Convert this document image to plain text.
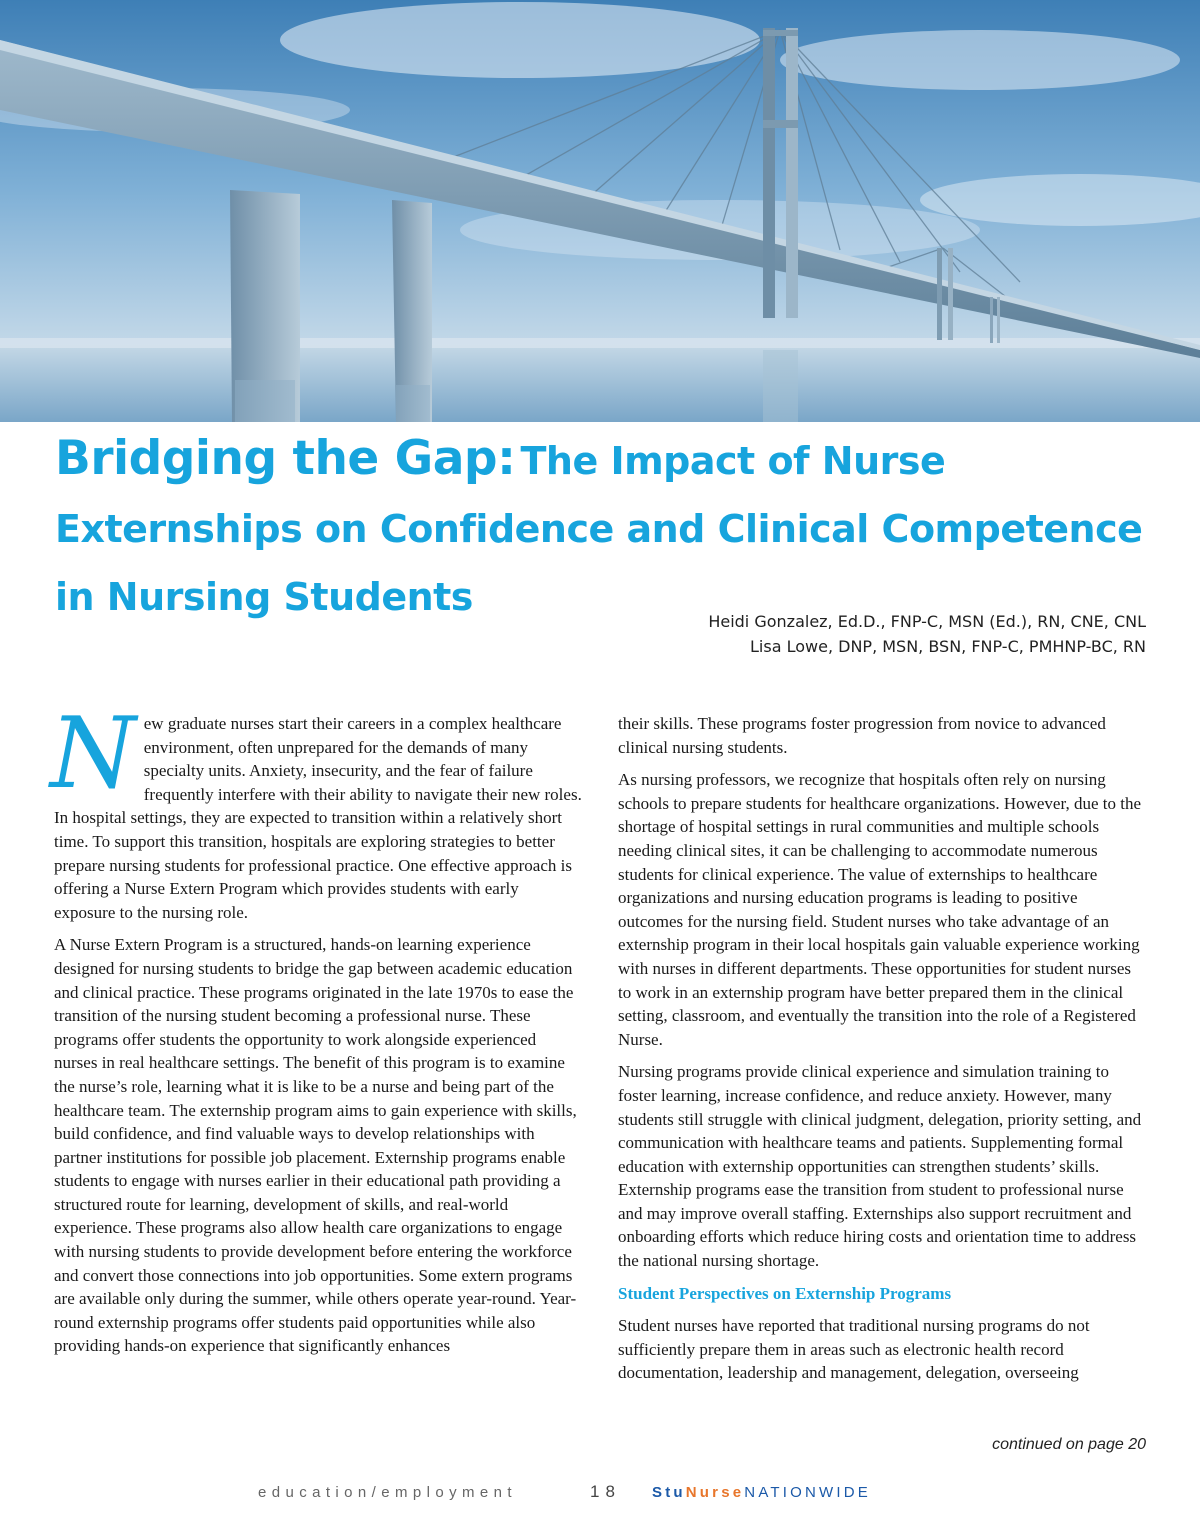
Bridging the Gap: The Impact of Nurse Externships on Confidence and Clinical Competence in Nursing Students
Heidi Gonzalez, Ed.D., FNP-C, MSN (Ed.), RN, CNE, CNL
Lisa Lowe, DNP, MSN, BSN, FNP-C, PMHNP-BC, RN

New graduate nurses start their careers in a complex healthcare environment, often unprepared for the demands of many specialty units. Anxiety, insecurity, and the fear of failure frequently interfere with their ability to navigate their new roles. In hospital settings, they are expected to transition within a relatively short time. To support this transition, hospitals are exploring strategies to better prepare nursing students for professional practice. One effective approach is offering a Nurse Extern Program which provides students with early exposure to the nursing role.

A Nurse Extern Program is a structured, hands-on learning experience designed for nursing students to bridge the gap between academic education and clinical practice. These programs originated in the late 1970s to ease the transition of the nursing student becoming a professional nurse. These programs offer students the opportunity to work alongside experienced nurses in real healthcare settings. The benefit of this program is to examine the nurse’s role, learning what it is like to be a nurse and being part of the healthcare team. The externship program aims to gain experience with skills, build confidence, and find valuable ways to develop relationships with partner institutions for possible job placement. Externship programs enable students to engage with nurses earlier in their educational path providing a structured route for learning, development of skills, and real-world experience. These programs also allow health care organizations to engage with nursing students to provide development before entering the workforce and convert those connections into job opportunities. Some extern programs are available only during the summer, while others operate year-round. Year-round externship programs offer students paid opportunities while also providing hands-on experience that significantly enhances

their skills. These programs foster progression from novice to advanced clinical nursing students.

As nursing professors, we recognize that hospitals often rely on nursing schools to prepare students for healthcare organizations. However, due to the shortage of hospital settings in rural communities and multiple schools needing clinical sites, it can be challenging to accommodate numerous students for clinical experience. The value of externships to healthcare organizations and nursing education programs is leading to positive outcomes for the nursing field. Student nurses who take advantage of an externship program in their local hospitals gain valuable experience working with nurses in different departments. These opportunities for student nurses to work in an externship program have better prepared them in the clinical setting, classroom, and eventually the transition into the role of a Registered Nurse.

Nursing programs provide clinical experience and simulation training to foster learning, increase confidence, and reduce anxiety. However, many students still struggle with clinical judgment, delegation, priority setting, and communication with healthcare teams and patients. Supplementing formal education with externship opportunities can strengthen students’ skills. Externship programs ease the transition from student to professional nurse and may improve overall staffing. Externships also support recruitment and onboarding efforts which reduce hiring costs and orientation time to address the national nursing shortage.

Student Perspectives on Externship Programs

Student nurses have reported that traditional nursing programs do not sufficiently prepare them in areas such as electronic health record documentation, leadership and management, delegation, overseeing

continued on page 20
education/employment	18 StuNurseNATIONWIDE
